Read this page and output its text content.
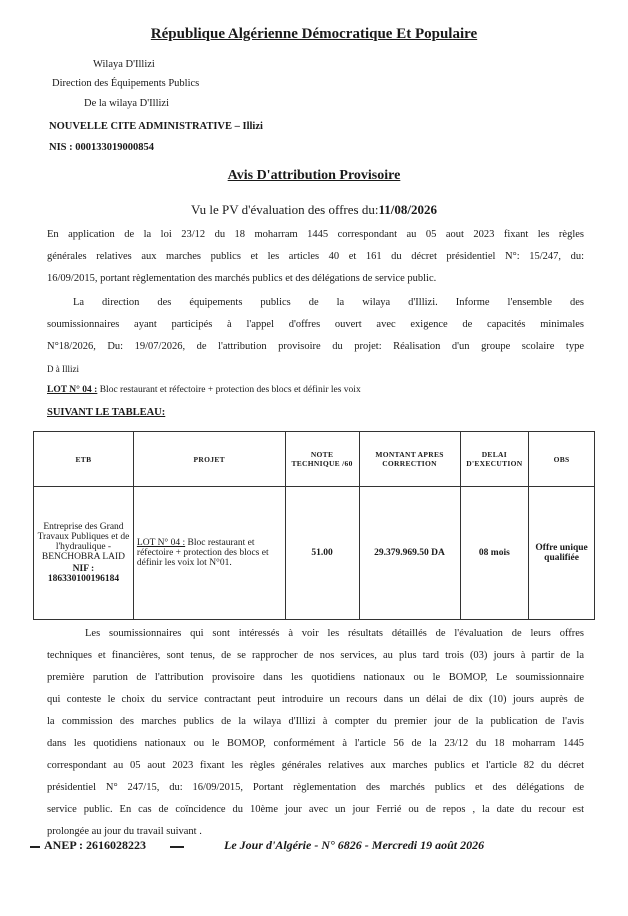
République Algérienne Démocratique Et Populaire
Wilaya D'Illizi
Direction des Équipements Publics
De la wilaya D'Illizi
NOUVELLE CITE ADMINISTRATIVE – Illizi
NIS : 000133019000854
Avis D'attribution Provisoire
Vu le PV d'évaluation des offres du:11/08/2026
En application de la loi 23/12 du 18 moharram 1445 correspondant au 05 aout 2023 fixant les règles
générales relatives aux marches publics et les articles 40 et 161 du décret présidentiel N°: 15/247, du:
16/09/2015, portant règlementation des marchés publics et des délégations de service public.
La direction des équipements publics de la wilaya d'Illizi. Informe l'ensemble des
soumissionnaires ayant participés à l'appel d'offres ouvert avec exigence de capacités minimales
N°18/2026, Du: 19/07/2026, de l'attribution provisoire du projet: Réalisation d'un groupe scolaire type
D à Illizi
LOT N° 04 : Bloc restaurant et réfectoire + protection des blocs et définir les voix
SUIVANT LE TABLEAU:
ETB	PROJET	NOTE TECHNIQUE /60	MONTANT APRES CORRECTION	DELAI D'EXECUTION	OBS

Entreprise des Grand Travaux Publiques et de l'hydraulique - BENCHOBRA LAID
NIF : 186330100196184	LOT N° 04 : Bloc restaurant et réfectoire + protection des blocs et définir les voix lot N°01.	51.00	29.379.969.50 DA	08 mois	Offre unique qualifiée
Les soumissionnaires qui sont intéressés à voir les résultats détaillés de l'évaluation de leurs offres
techniques et financières, sont tenus, de se rapprocher de nos services, au plus tard trois (03) jours à partir de la
première parution de l'attribution provisoire dans les quotidiens nationaux ou le BOMOP, Le soumissionnaire
qui conteste le choix du service contractant peut introduire un recours dans un délai de dix (10) jours auprès de
la commission des marches publics de la wilaya d'Illizi à compter du premier jour de la publication de l'avis
dans les quotidiens nationaux ou le BOMOP, conformément à l'article 56 de la 23/12 du 18 moharram 1445
correspondant au 05 aout 2023 fixant les règles générales relatives aux marches publics et l'article 82 du décret
présidentiel N° 247/15, du: 16/09/2015, Portant règlementation des marchés publics et des délégations de
service public. En cas de coïncidence du 10ème jour avec un jour Ferrié ou de repos , la date du recour est
prolongée au jour du travail suivant .
ANEP : 2616028223	Le Jour d'Algérie - N° 6826 - Mercredi 19 août 2026
